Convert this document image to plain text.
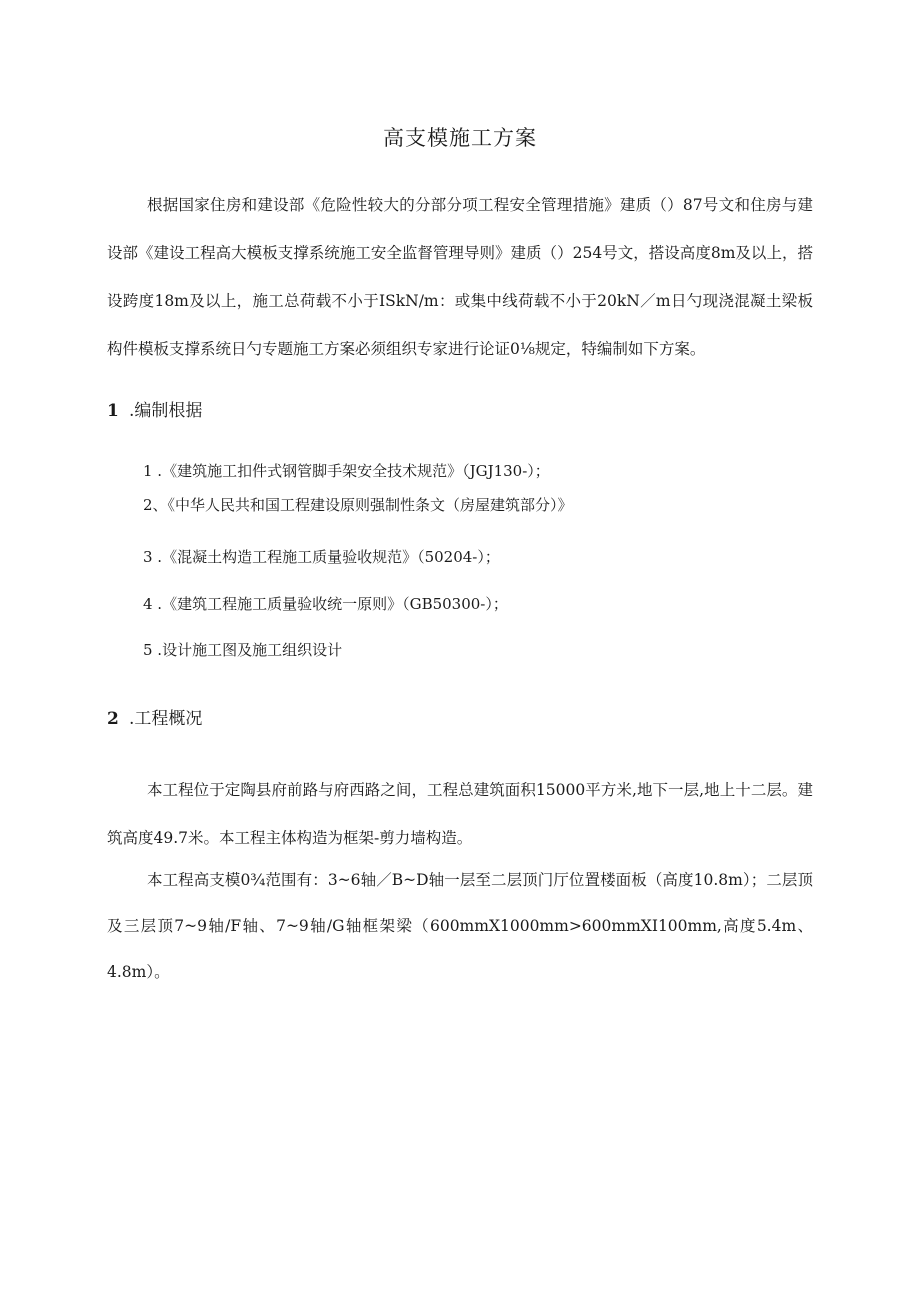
高支模施工方案

根据国家住房和建设部《危险性较大的分部分项工程安全管理措施》建质（）87号文和住房与建设部《建设工程高大模板支撑系统施工安全监督管理导则》建质（）254号文，搭设高度8m及以上，搭设跨度18m及以上，施工总荷载不小于ISkN/m：或集中线荷载不小于20kN／m日勺现浇混凝土梁板构件模板支撑系统日勺专题施工方案必须组织专家进行论证0⅛规定，特编制如下方案。

1 .编制根据
1 .《建筑施工扣件式钢管脚手架安全技术规范》（JGJ130-）；
2、《中华人民共和国工程建设原则强制性条文（房屋建筑部分）》
3 .《混凝土构造工程施工质量验收规范》（50204-）；
4 .《建筑工程施工质量验收统一原则》（GB50300-）；
5 .设计施工图及施工组织设计
2 .工程概况

本工程位于定陶县府前路与府西路之间，工程总建筑面积15000平方米,地下一层,地上十二层。建筑高度49.7米。本工程主体构造为框架-剪力墙构造。

本工程高支模0¾范围有：3~6轴／B~D轴一层至二层顶门厅位置楼面板（高度10.8m）；二层顶及三层顶7~9轴/F轴、7~9轴/G轴框架梁（600mmX1000mm>600mmXI100mm,高度5.4m、4.8m）。
